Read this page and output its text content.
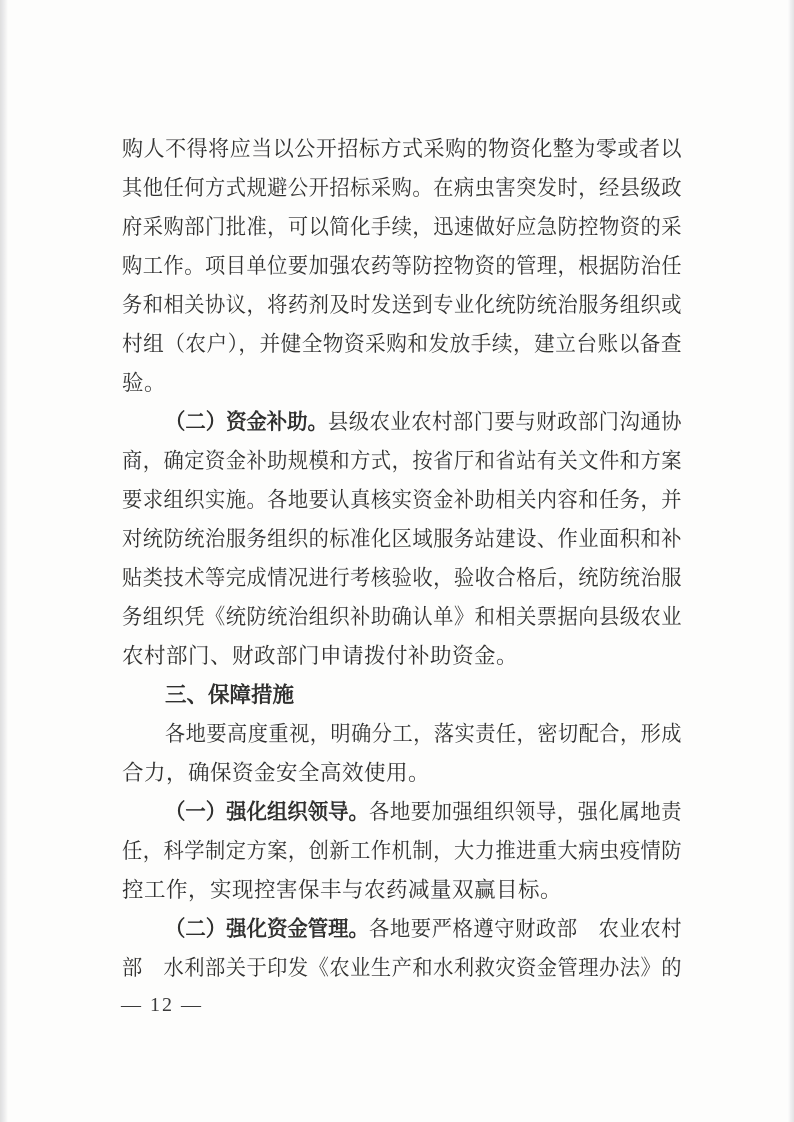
购人不得将应当以公开招标方式采购的物资化整为零或者以
其他任何方式规避公开招标采购。在病虫害突发时，经县级政
府采购部门批准，可以简化手续，迅速做好应急防控物资的采
购工作。项目单位要加强农药等防控物资的管理，根据防治任
务和相关协议，将药剂及时发送到专业化统防统治服务组织或
村组（农户），并健全物资采购和发放手续，建立台账以备查
验。
（二）资金补助。县级农业农村部门要与财政部门沟通协
商，确定资金补助规模和方式，按省厅和省站有关文件和方案
要求组织实施。各地要认真核实资金补助相关内容和任务，并
对统防统治服务组织的标准化区域服务站建设、作业面积和补
贴类技术等完成情况进行考核验收，验收合格后，统防统治服
务组织凭《统防统治组织补助确认单》和相关票据向县级农业
农村部门、财政部门申请拨付补助资金。
三、保障措施
各地要高度重视，明确分工，落实责任，密切配合，形成
合力，确保资金安全高效使用。
（一）强化组织领导。各地要加强组织领导，强化属地责
任，科学制定方案，创新工作机制，大力推进重大病虫疫情防
控工作，实现控害保丰与农药减量双赢目标。
（二）强化资金管理。各地要严格遵守财政部　农业农村
部　水利部关于印发《农业生产和水利救灾资金管理办法》的
— 12 —
